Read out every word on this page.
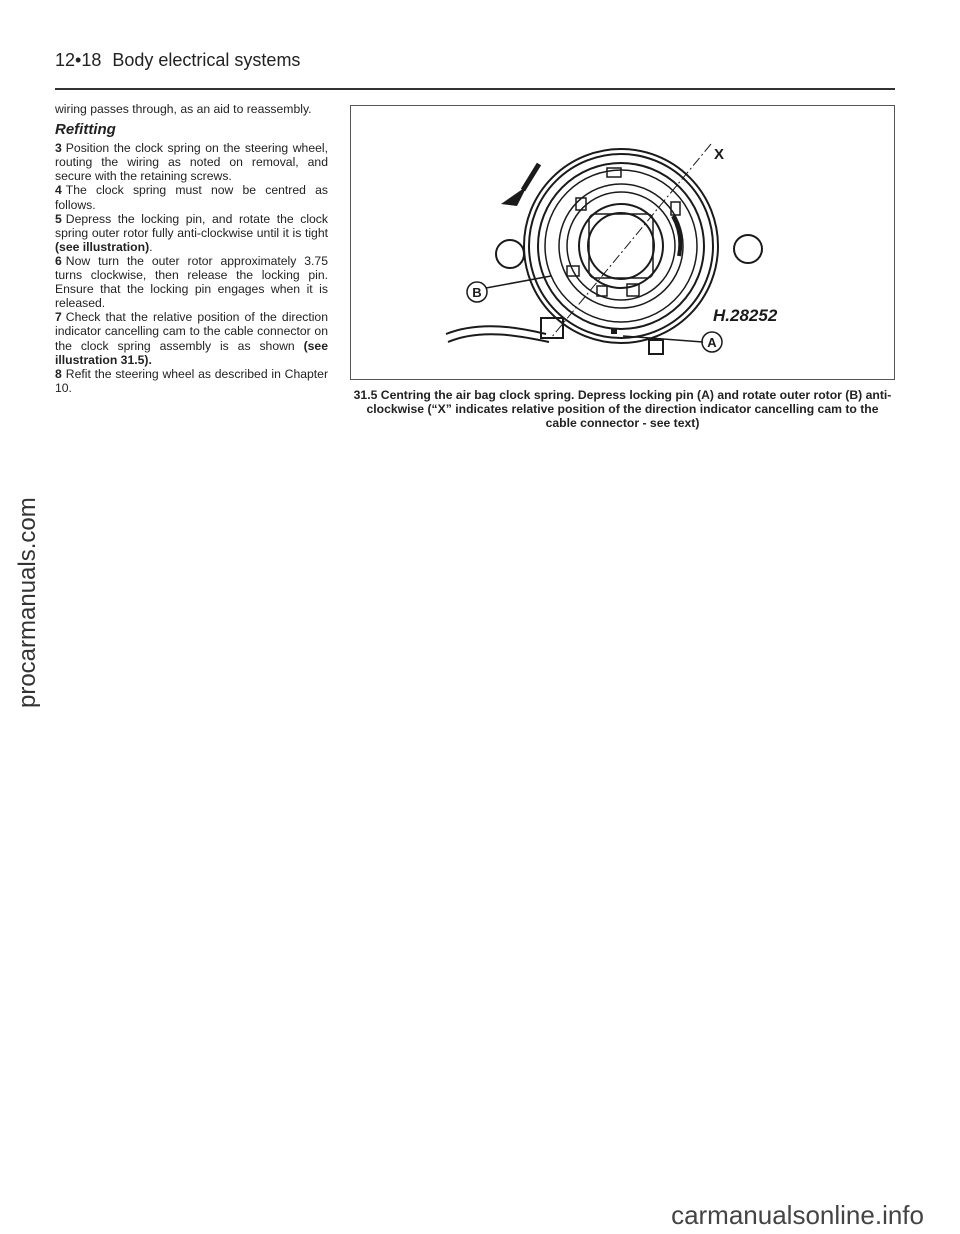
12•18 Body electrical systems

wiring passes through, as an aid to reassembly.

Refitting

3 Position the clock spring on the steering wheel, routing the wiring as noted on removal, and secure with the retaining screws.

4 The clock spring must now be centred as follows.

5 Depress the locking pin, and rotate the clock spring outer rotor fully anti-clockwise until it is tight (see illustration).

6 Now turn the outer rotor approximately 3.75 turns clockwise, then release the locking pin. Ensure that the locking pin engages when it is released.

7 Check that the relative position of the direction indicator cancelling cam to the cable connector on the clock spring assembly is as shown (see illustration 31.5).

8 Refit the steering wheel as described in Chapter 10.

B
A
X
H.28252
31.5 Centring the air bag clock spring. Depress locking pin (A) and rotate outer rotor (B) anti-clockwise (“X” indicates relative position of the direction indicator cancelling cam to the cable connector - see text)
procarmanuals.com
carmanualsonline.info
